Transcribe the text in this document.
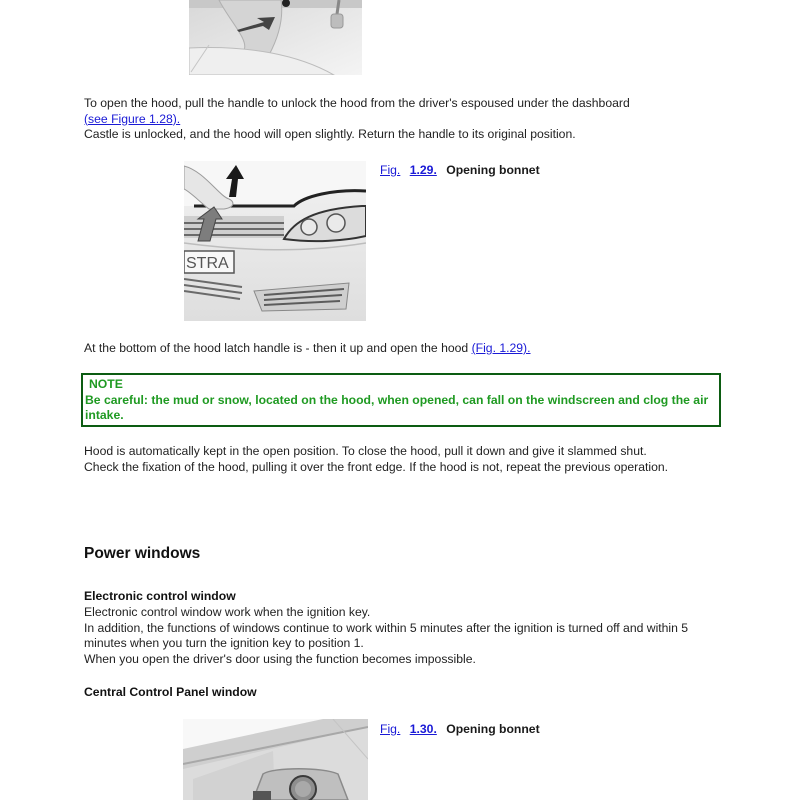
To open the hood, pull the handle to unlock the hood from the driver's espoused under the dashboard
(see Figure 1.28).
Castle is unlocked, and the hood will open slightly. Return the handle to its original position.
STRA
Fig. 1.29. Opening bonnet
At the bottom of the hood latch handle is - then it up and open the hood (Fig. 1.29).
NOTE
Be careful: the mud or snow, located on the hood, when opened, can fall on the windscreen and clog the air intake.
Hood is automatically kept in the open position. To close the hood, pull it down and give it slammed shut.
Check the fixation of the hood, pulling it over the front edge. If the hood is not, repeat the previous operation.
Power windows
Electronic control window
Electronic control window work when the ignition key.
In addition, the functions of windows continue to work within 5 minutes after the ignition is turned off and within 5 minutes when you turn the ignition key to position 1.
When you open the driver's door using the function becomes impossible.
Central Control Panel window
Fig. 1.30. Opening bonnet
